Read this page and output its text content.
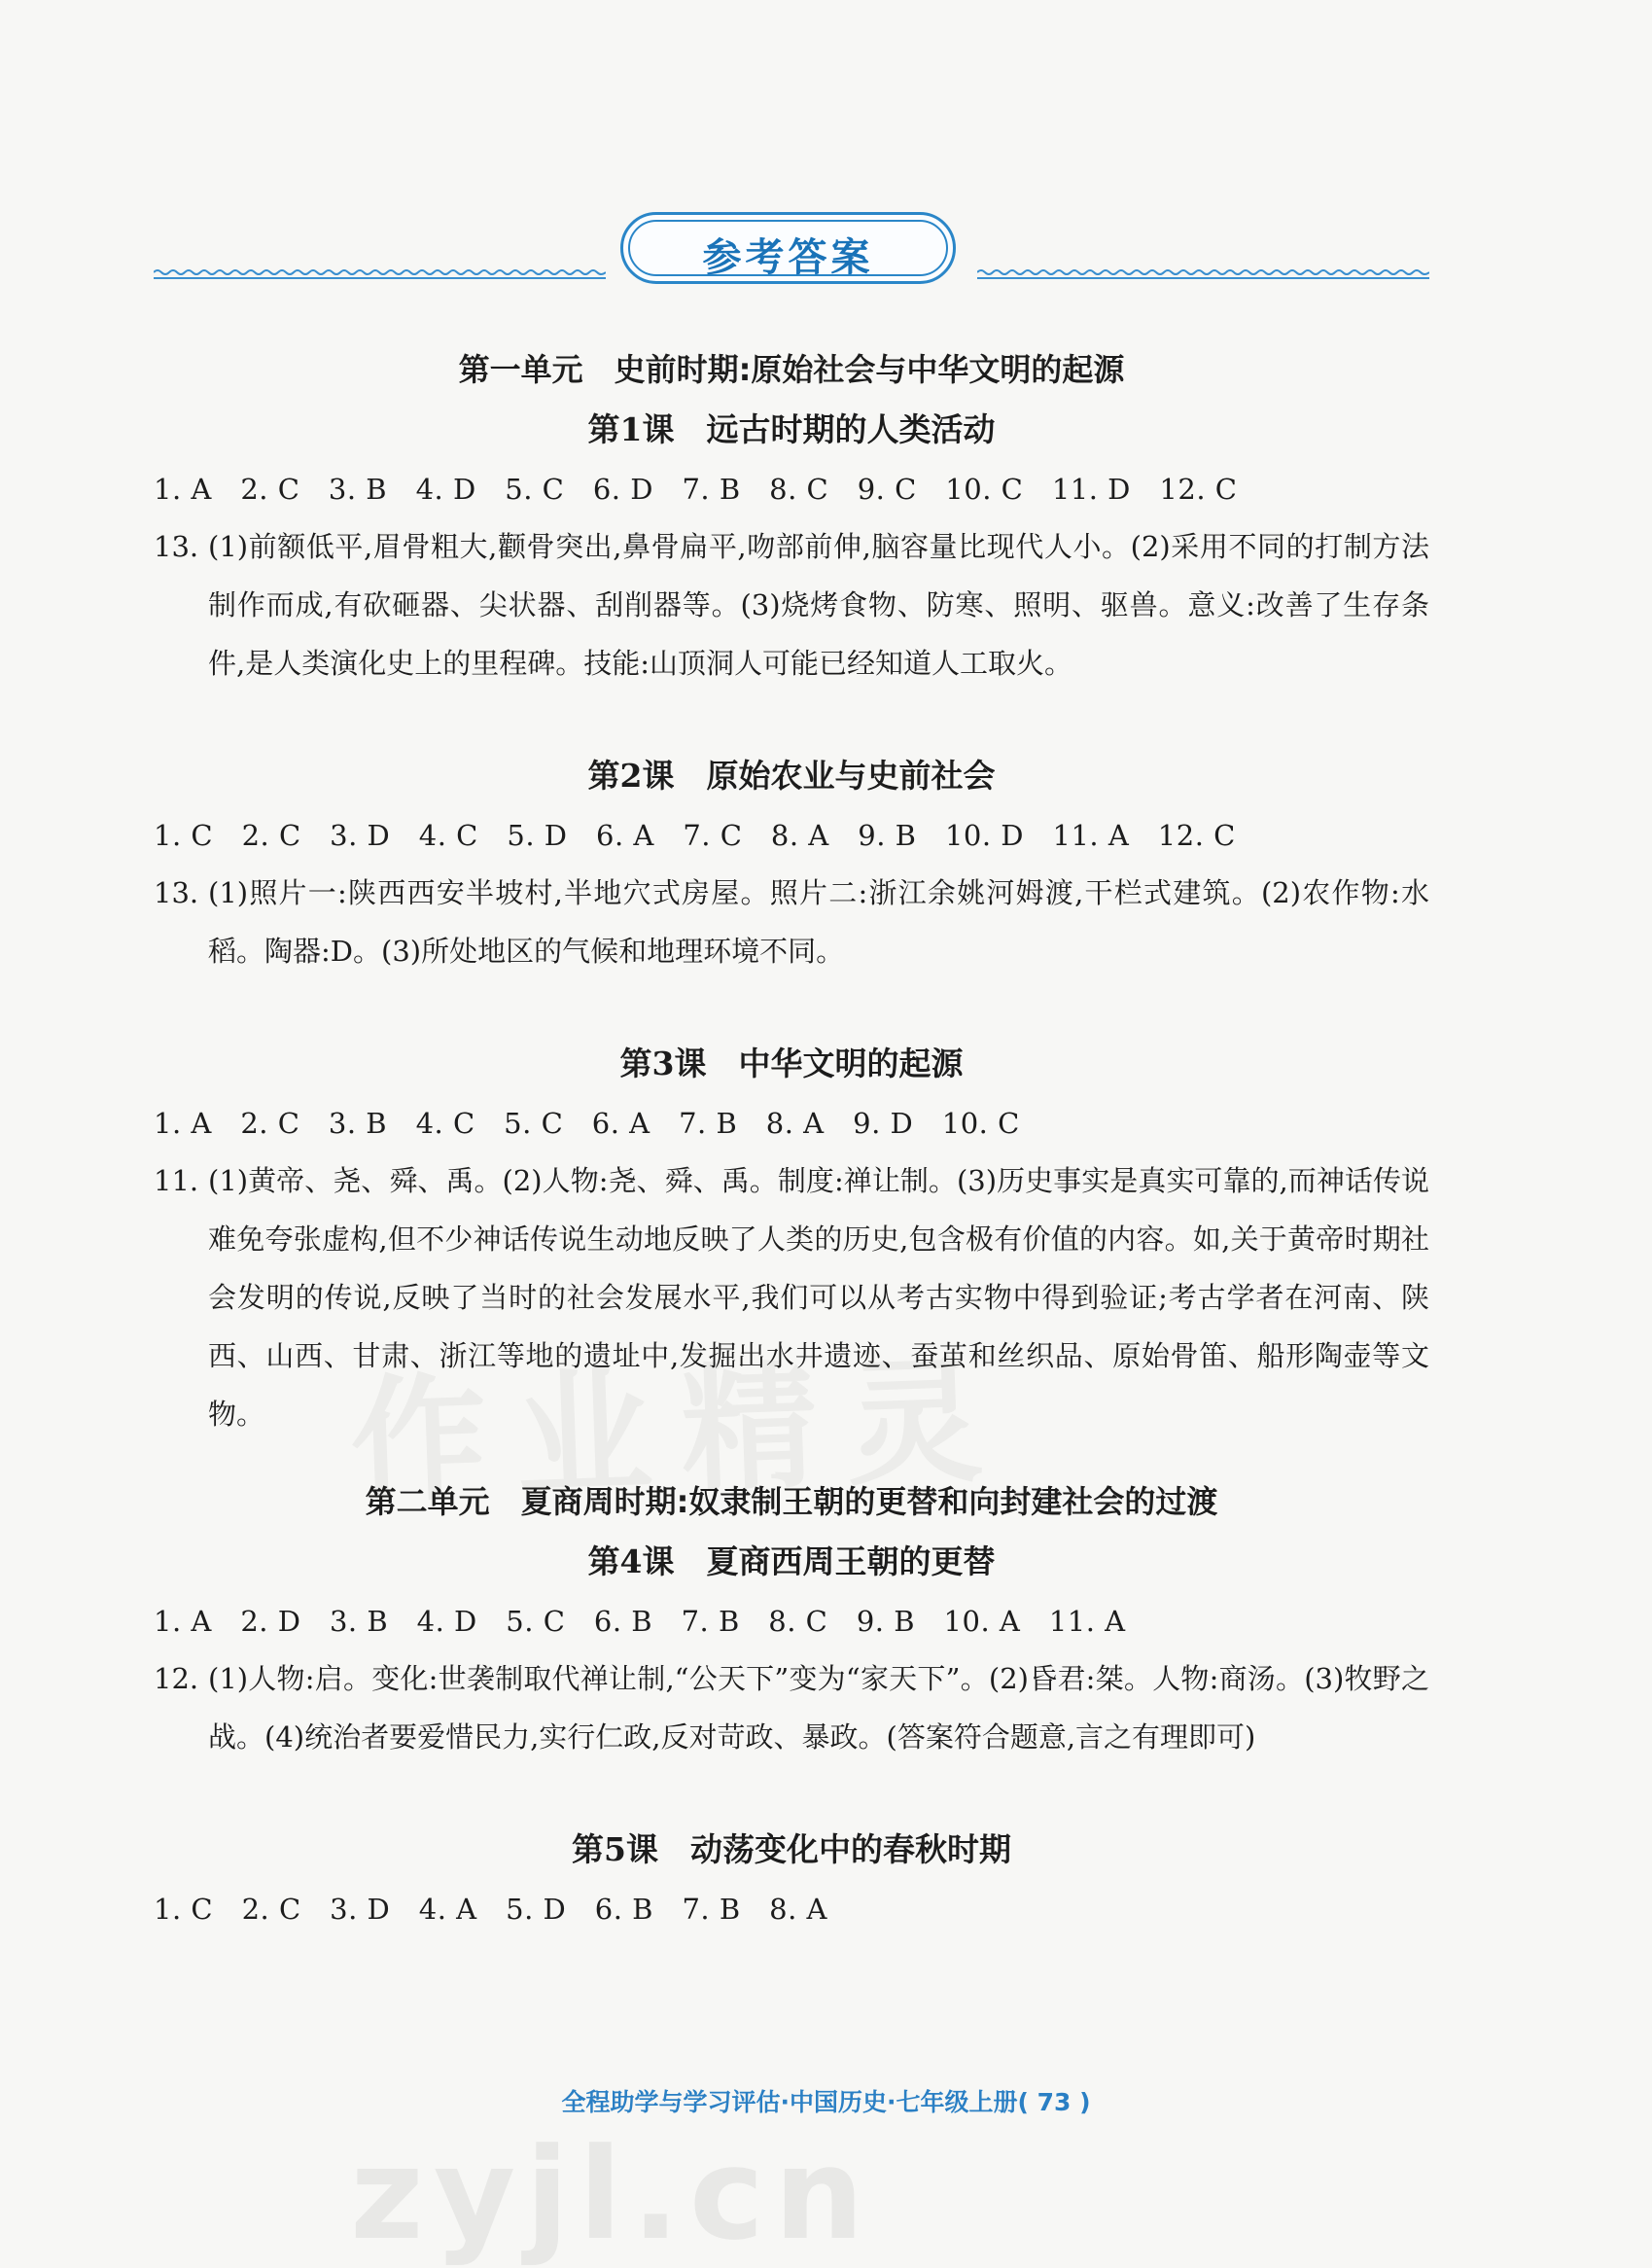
参考答案
第一单元　史前时期:原始社会与中华文明的起源
第1课　远古时期的人类活动

1. A　2. C　3. B　4. D　5. C　6. D　7. B　8. C　9. C　10. C　11. D　12. C

13. (1)前额低平,眉骨粗大,颧骨突出,鼻骨扁平,吻部前伸,脑容量比现代人小。(2)采用不同的打制方法制作而成,有砍砸器、尖状器、刮削器等。(3)烧烤食物、防寒、照明、驱兽。意义:改善了生存条件,是人类演化史上的里程碑。技能:山顶洞人可能已经知道人工取火。
第2课　原始农业与史前社会

1. C　2. C　3. D　4. C　5. D　6. A　7. C　8. A　9. B　10. D　11. A　12. C

13. (1)照片一:陕西西安半坡村,半地穴式房屋。照片二:浙江余姚河姆渡,干栏式建筑。(2)农作物:水稻。陶器:D。(3)所处地区的气候和地理环境不同。
第3课　中华文明的起源

1. A　2. C　3. B　4. C　5. C　6. A　7. B　8. A　9. D　10. C

11. (1)黄帝、尧、舜、禹。(2)人物:尧、舜、禹。制度:禅让制。(3)历史事实是真实可靠的,而神话传说难免夸张虚构,但不少神话传说生动地反映了人类的历史,包含极有价值的内容。如,关于黄帝时期社会发明的传说,反映了当时的社会发展水平,我们可以从考古实物中得到验证;考古学者在河南、陕西、山西、甘肃、浙江等地的遗址中,发掘出水井遗迹、蚕茧和丝织品、原始骨笛、船形陶壶等文物。
第二单元　夏商周时期:奴隶制王朝的更替和向封建社会的过渡
第4课　夏商西周王朝的更替

1. A　2. D　3. B　4. D　5. C　6. B　7. B　8. C　9. B　10. A　11. A

12. (1)人物:启。变化:世袭制取代禅让制,“公天下”变为“家天下”。(2)昏君:桀。人物:商汤。(3)牧野之战。(4)统治者要爱惜民力,实行仁政,反对苛政、暴政。(答案符合题意,言之有理即可)
第5课　动荡变化中的春秋时期

1. C　2. C　3. D　4. A　5. D　6. B　7. B　8. A

全程助学与学习评估·中国历史·七年级上册( 73 )
zyjl.cn
